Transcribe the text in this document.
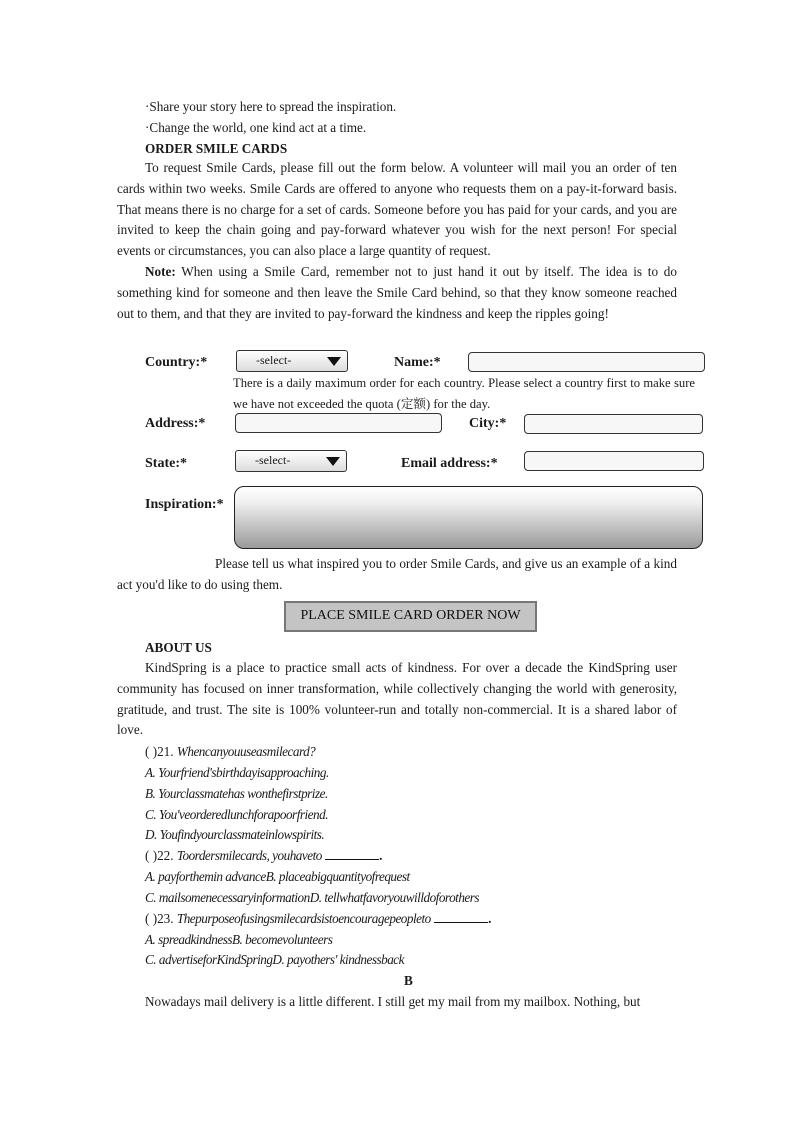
·Share your story here to spread the inspiration.
·Change the world, one kind act at a time.
ORDER SMILE CARDS
To request Smile Cards, please fill out the form below. A volunteer will mail you an order of ten cards within two weeks. Smile Cards are offered to anyone who requests them on a pay-it-forward basis. That means there is no charge for a set of cards. Someone before you has paid for your cards, and you are invited to keep the chain going and pay-forward whatever you wish for the next person! For special events or circumstances, you can also place a large quantity of request.
Note: When using a Smile Card, remember not to just hand it out by itself. The idea is to do something kind for someone and then leave the Smile Card behind, so that they know someone reached out to them, and that they are invited to pay-forward the kindness and keep the ripples going!
Country:*	-select-	Name:*
There is a daily maximum order for each country. Please select a country first to make sure we have not exceeded the quota (定额) for the day.
Address:*	City:*
State:*	-select-	Email address:*
Inspiration:*
Please tell us what inspired you to order Smile Cards, and give us an example of a kind act you'd like to do using them.
PLACE SMILE CARD ORDER NOW
ABOUT US
KindSpring is a place to practice small acts of kindness. For over a decade the KindSpring user community has focused on inner transformation, while collectively changing the world with generosity, gratitude, and trust. The site is 100% volunteer-run and totally non-commercial. It is a shared labor of love.
( )21. Whencanyouuseasmilecard?
A. Yourfriend'sbirthdayisapproaching.
B. Yourclassmatehas wonthefirstprize.
C. You'veorderedlunchforapoorfriend.
D. Youfindyourclassmateinlowspirits.
( )22. Toordersmilecards, youhaveto	.
A. payforthemin advanceB. placeabigquantityofrequest
C. mailsomenecessaryinformationD. tellwhatfavoryouwilldoforothers
( )23. Thepurposeofusingsmilecardsistoencouragepeopleto	.
A. spreadkindnessB. becomevolunteers
C. advertiseforKindSpringD. payothers' kindnessback
B
Nowadays mail delivery is a little different. I still get my mail from my mailbox. Nothing, but
